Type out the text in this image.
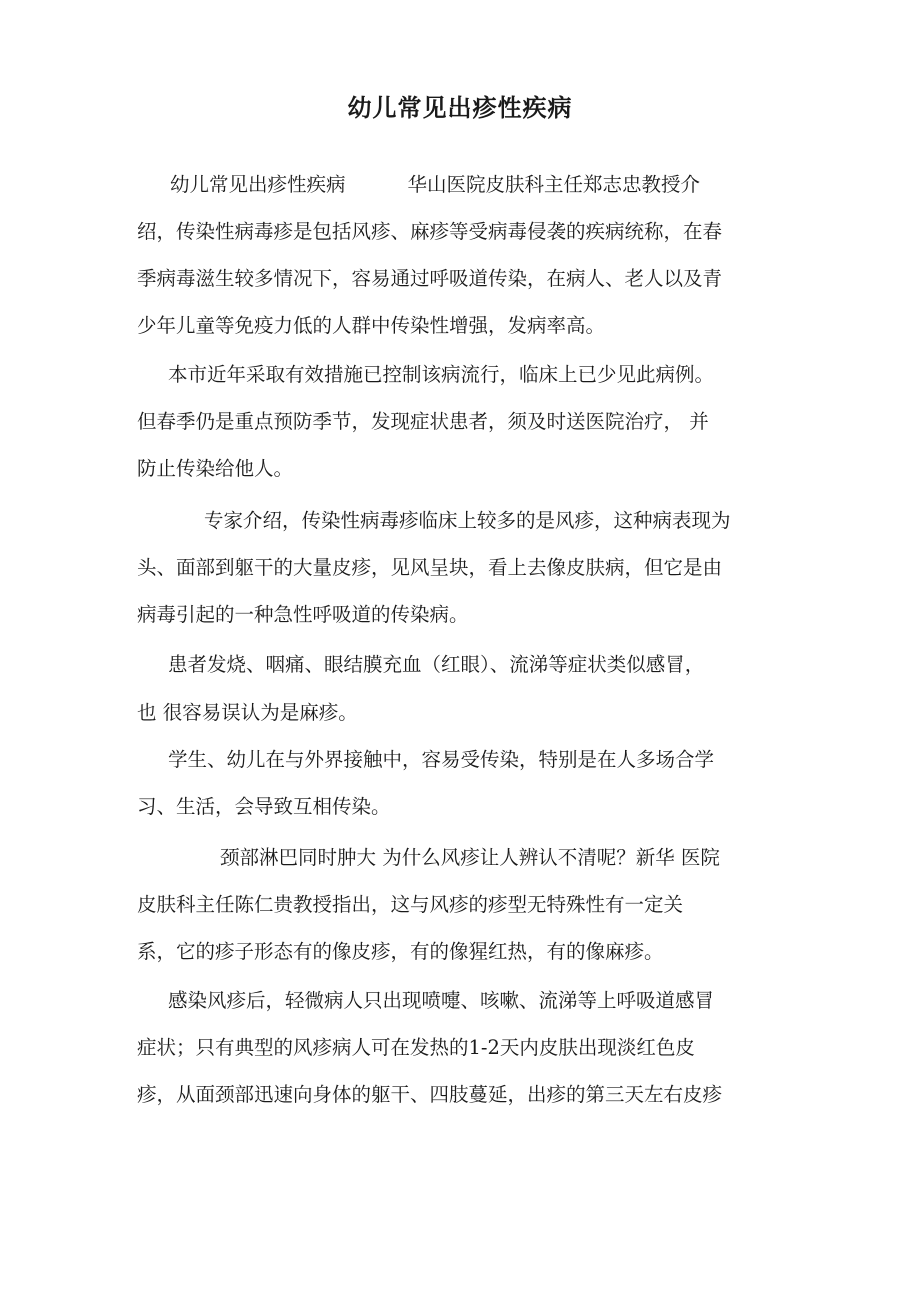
幼儿常见出疹性疾病
幼儿常见出疹性疾病	华山医院皮肤科主任郑志忠教授介
绍，传染性病毒疹是包括风疹、麻疹等受病毒侵袭的疾病统称，在春
季病毒滋生较多情况下，容易通过呼吸道传染，在病人、老人以及青
少年儿童等免疫力低的人群中传染性增强，发病率高。
本市近年采取有效措施已控制该病流行，临床上已少见此病例。
但春季仍是重点预防季节，发现症状患者，须及时送医院治疗， 并
防止传染给他人。
专家介绍，传染性病毒疹临床上较多的是风疹，这种病表现为
头、面部到躯干的大量皮疹，见风呈块，看上去像皮肤病，但它是由
病毒引起的一种急性呼吸道的传染病。
患者发烧、咽痛、眼结膜充血（红眼）、流涕等症状类似感冒，
也 很容易误认为是麻疹。
学生、幼儿在与外界接触中，容易受传染，特别是在人多场合学
习、生活，会导致互相传染。
颈部淋巴同时肿大 为什么风疹让人辨认不清呢？新华 医院
皮肤科主任陈仁贵教授指出，这与风疹的疹型无特殊性有一定关
系，它的疹子形态有的像皮疹，有的像猩红热，有的像麻疹。
感染风疹后，轻微病人只出现喷嚏、咳嗽、流涕等上呼吸道感冒
症状；只有典型的风疹病人可在发热的1-2天内皮肤出现淡红色皮
疹，从面颈部迅速向身体的躯干、四肢蔓延，出疹的第三天左右皮疹
